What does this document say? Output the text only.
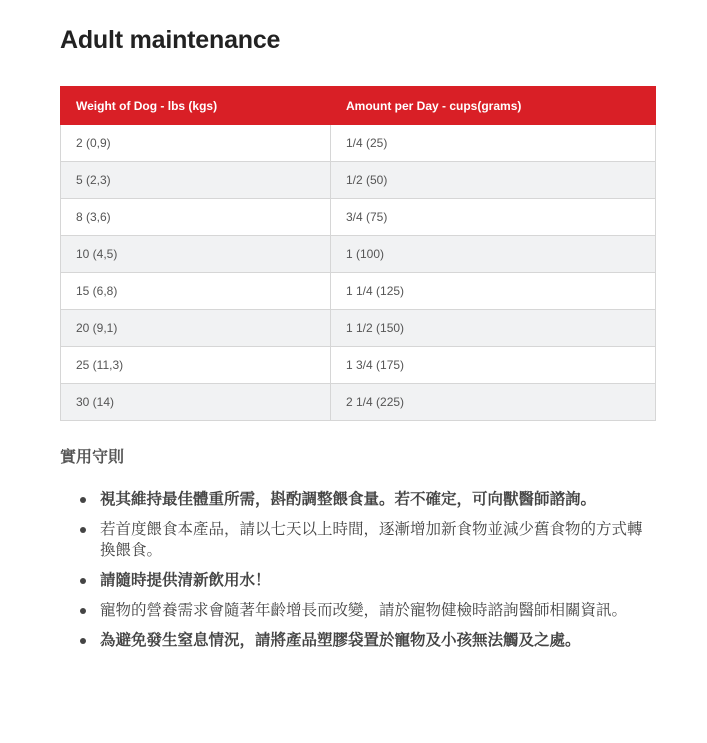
Adult maintenance
Weight of Dog - lbs (kgs)	Amount per Day - cups(grams)
2 (0,9)	1/4 (25)
5 (2,3)	1/2 (50)
8 (3,6)	3/4 (75)
10 (4,5)	1 (100)
15 (6,8)	1 1/4 (125)
20 (9,1)	1 1/2 (150)
25 (11,3)	1 3/4 (175)
30 (14)	2 1/4 (225)
實用守則
視其維持最佳體重所需，斟酌調整餵食量。若不確定，可向獸醫師諮詢。
若首度餵食本產品，請以七天以上時間，逐漸增加新食物並減少舊食物的方式轉換餵食。
請隨時提供清新飲用水！
寵物的營養需求會隨著年齡增長而改變，請於寵物健檢時諮詢醫師相關資訊。
為避免發生窒息情況，請將產品塑膠袋置於寵物及小孩無法觸及之處。
